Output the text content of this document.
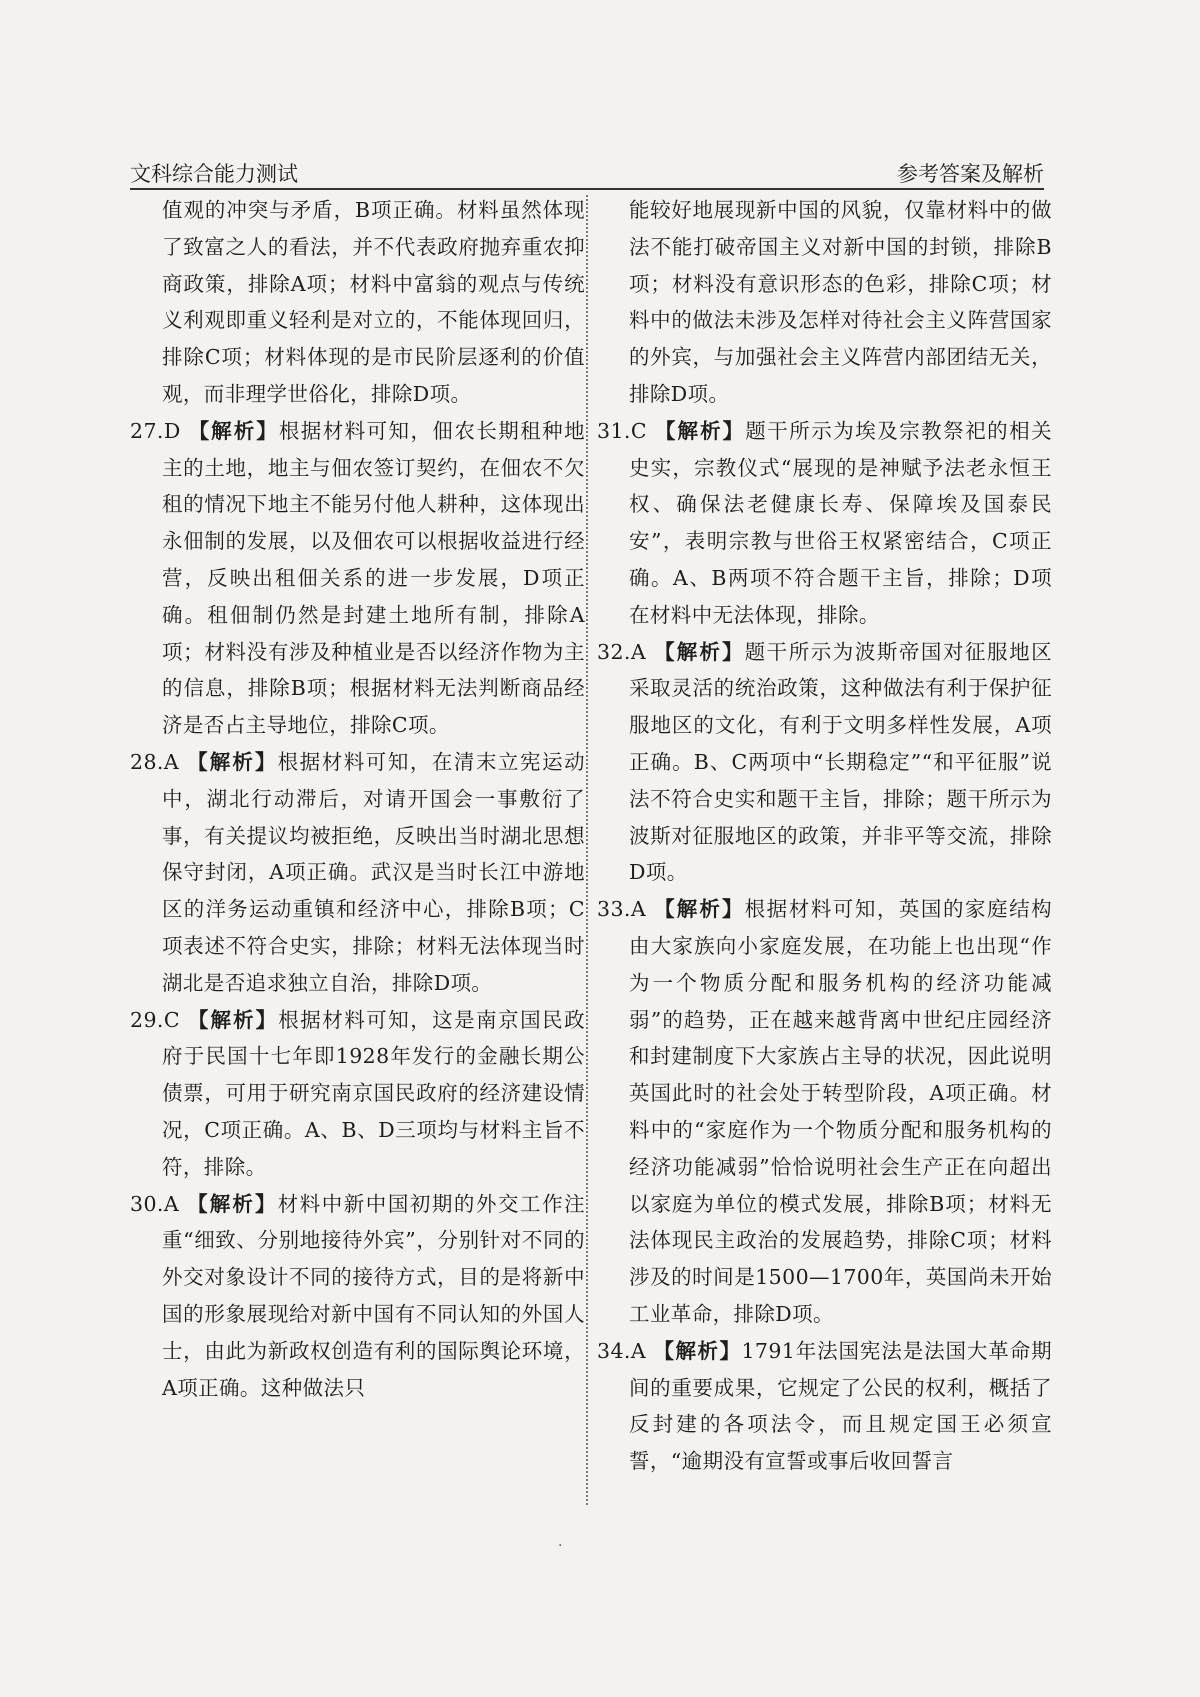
文科综合能力测试	参考答案及解析

值观的冲突与矛盾，B项正确。材料虽然体现了致富之人的看法，并不代表政府抛弃重农抑商政策，排除A项；材料中富翁的观点与传统义利观即重义轻利是对立的，不能体现回归，排除C项；材料体现的是市民阶层逐利的价值观，而非理学世俗化，排除D项。

27.D 【解析】根据材料可知，佃农长期租种地主的土地，地主与佃农签订契约，在佃农不欠租的情况下地主不能另付他人耕种，这体现出永佃制的发展，以及佃农可以根据收益进行经营，反映出租佃关系的进一步发展，D项正确。租佃制仍然是封建土地所有制，排除A项；材料没有涉及种植业是否以经济作物为主的信息，排除B项；根据材料无法判断商品经济是否占主导地位，排除C项。

28.A 【解析】根据材料可知，在清末立宪运动中，湖北行动滞后，对请开国会一事敷衍了事，有关提议均被拒绝，反映出当时湖北思想保守封闭，A项正确。武汉是当时长江中游地区的洋务运动重镇和经济中心，排除B项；C项表述不符合史实，排除；材料无法体现当时湖北是否追求独立自治，排除D项。

29.C 【解析】根据材料可知，这是南京国民政府于民国十七年即1928年发行的金融长期公债票，可用于研究南京国民政府的经济建设情况，C项正确。A、B、D三项均与材料主旨不符，排除。

30.A 【解析】材料中新中国初期的外交工作注重“细致、分别地接待外宾”，分别针对不同的外交对象设计不同的接待方式，目的是将新中国的形象展现给对新中国有不同认知的外国人士，由此为新政权创造有利的国际舆论环境，A项正确。这种做法只

能较好地展现新中国的风貌，仅靠材料中的做法不能打破帝国主义对新中国的封锁，排除B项；材料没有意识形态的色彩，排除C项；材料中的做法未涉及怎样对待社会主义阵营国家的外宾，与加强社会主义阵营内部团结无关，排除D项。

31.C 【解析】题干所示为埃及宗教祭祀的相关史实，宗教仪式“展现的是神赋予法老永恒王权、确保法老健康长寿、保障埃及国泰民安”，表明宗教与世俗王权紧密结合，C项正确。A、B两项不符合题干主旨，排除；D项在材料中无法体现，排除。

32.A 【解析】题干所示为波斯帝国对征服地区采取灵活的统治政策，这种做法有利于保护征服地区的文化，有利于文明多样性发展，A项正确。B、C两项中“长期稳定”“和平征服”说法不符合史实和题干主旨，排除；题干所示为波斯对征服地区的政策，并非平等交流，排除D项。

33.A 【解析】根据材料可知，英国的家庭结构由大家族向小家庭发展，在功能上也出现“作为一个物质分配和服务机构的经济功能减弱”的趋势，正在越来越背离中世纪庄园经济和封建制度下大家族占主导的状况，因此说明英国此时的社会处于转型阶段，A项正确。材料中的“家庭作为一个物质分配和服务机构的经济功能减弱”恰恰说明社会生产正在向超出以家庭为单位的模式发展，排除B项；材料无法体现民主政治的发展趋势，排除C项；材料涉及的时间是1500—1700年，英国尚未开始工业革命，排除D项。

34.A 【解析】1791年法国宪法是法国大革命期间的重要成果，它规定了公民的权利，概括了反封建的各项法令，而且规定国王必须宣誓，“逾期没有宣誓或事后收回誓言

·
